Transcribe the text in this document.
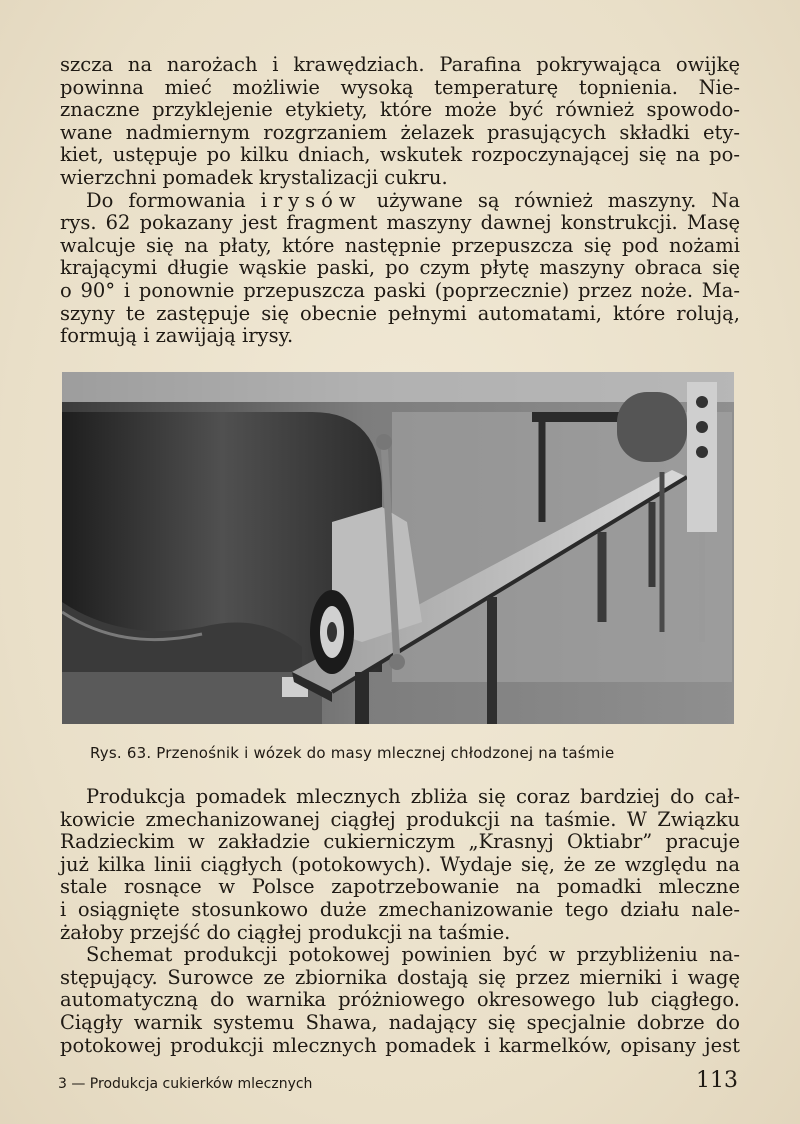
szcza na narożach i krawędziach. Parafina pokrywająca owijkę
powinna mieć możliwie wysoką temperaturę topnienia. Nie-
znaczne przyklejenie etykiety, które może być również spowodo-
wane nadmiernym rozgrzaniem żelazek prasujących składki ety-
kiet, ustępuje po kilku dniach, wskutek rozpoczynającej się na po-
wierzchni pomadek krystalizacji cukru.

Do formowania irysów używane są również maszyny. Na
rys. 62 pokazany jest fragment maszyny dawnej konstrukcji. Masę
walcuje się na płaty, które następnie przepuszcza się pod nożami
krającymi długie wąskie paski, po czym płytę maszyny obraca się
o 90° i ponownie przepuszcza paski (poprzecznie) przez noże. Ma-
szyny te zastępuje się obecnie pełnymi automatami, które rolują,
formują i zawijają irysy.

Rys. 63. Przenośnik i wózek do masy mlecznej chłodzonej na taśmie

Produkcja pomadek mlecznych zbliża się coraz bardziej do cał-
kowicie zmechanizowanej ciągłej produkcji na taśmie. W Związku
Radzieckim w zakładzie cukierniczym „Krasnyj Oktiabr” pracuje
już kilka linii ciągłych (potokowych). Wydaje się, że ze względu na
stale rosnące w Polsce zapotrzebowanie na pomadki mleczne
i osiągnięte stosunkowo duże zmechanizowanie tego działu nale-
żałoby przejść do ciągłej produkcji na taśmie.

Schemat produkcji potokowej powinien być w przybliżeniu na-
stępujący. Surowce ze zbiornika dostają się przez mierniki i wagę
automatyczną do warnika próżniowego okresowego lub ciągłego.
Ciągły warnik systemu Shawa, nadający się specjalnie dobrze do
potokowej produkcji mlecznych pomadek i karmelków, opisany jest

3 — Produkcja cukierków mlecznych	113
